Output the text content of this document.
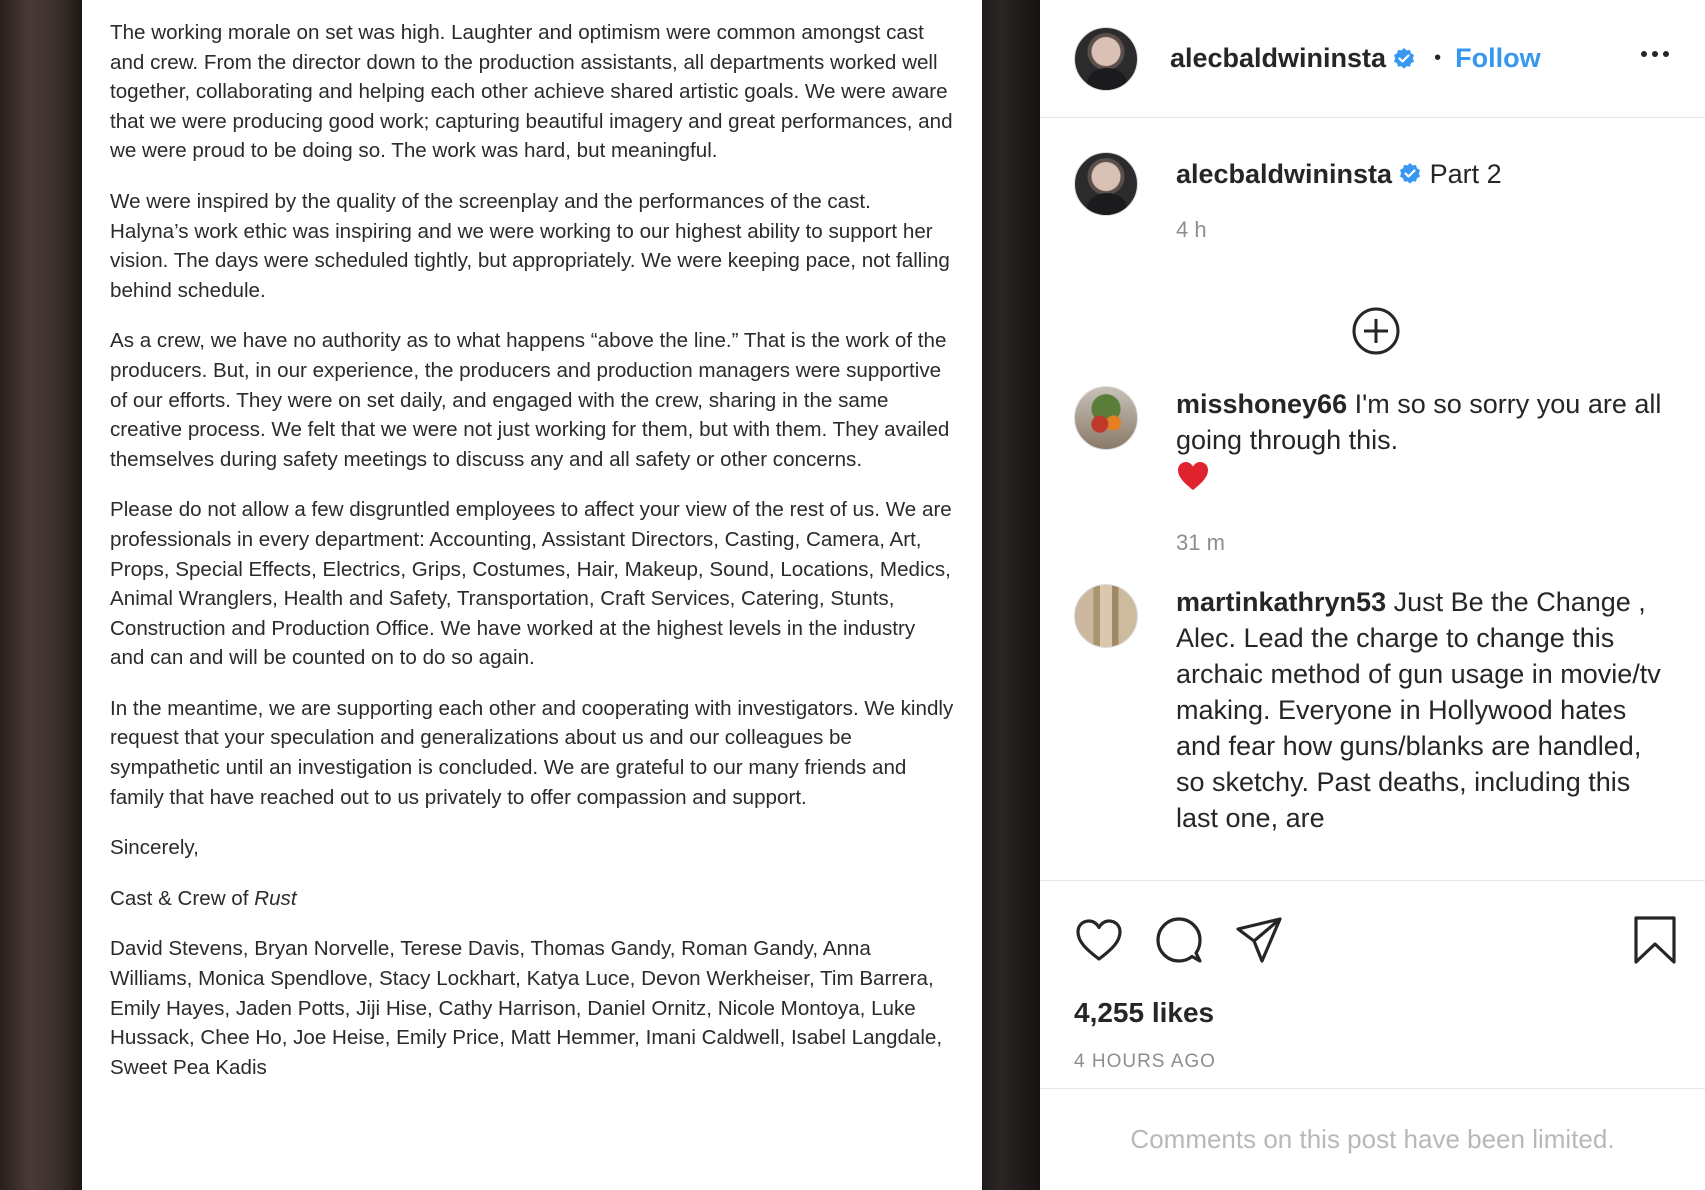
The working morale on set was high. Laughter and optimism were common amongst cast and crew. From the director down to the production assistants, all departments worked well together, collaborating and helping each other achieve shared artistic goals. We were aware that we were producing good work; capturing beautiful imagery and great performances, and we were proud to be doing so. The work was hard, but meaningful.

We were inspired by the quality of the screenplay and the performances of the cast. Halyna’s work ethic was inspiring and we were working to our highest ability to support her vision. The days were scheduled tightly, but appropriately. We were keeping pace, not falling behind schedule.

As a crew, we have no authority as to what happens “above the line.” That is the work of the producers. But, in our experience, the producers and production managers were supportive of our efforts. They were on set daily, and engaged with the crew, sharing in the same creative process. We felt that we were not just working for them, but with them. They availed themselves during safety meetings to discuss any and all safety or other concerns.

Please do not allow a few disgruntled employees to affect your view of the rest of us. We are professionals in every department: Accounting, Assistant Directors, Casting, Camera, Art, Props, Special Effects, Electrics, Grips, Costumes, Hair, Makeup, Sound, Locations, Medics, Animal Wranglers, Health and Safety, Transportation, Craft Services, Catering, Stunts, Construction and Production Office. We have worked at the highest levels in the industry and can and will be counted on to do so again.

In the meantime, we are supporting each other and cooperating with investigators. We kindly request that your speculation and generalizations about us and our colleagues be sympathetic until an investigation is concluded. We are grateful to our many friends and family that have reached out to us privately to offer compassion and support.

Sincerely,

Cast & Crew of Rust

David Stevens, Bryan Norvelle, Terese Davis, Thomas Gandy, Roman Gandy, Anna Williams, Monica Spendlove, Stacy Lockhart, Katya Luce, Devon Werkheiser, Tim Barrera, Emily Hayes, Jaden Potts, Jiji Hise, Cathy Harrison, Daniel Ornitz, Nicole Montoya, Luke Hussack, Chee Ho, Joe Heise, Emily Price, Matt Hemmer, Imani Caldwell, Isabel Langdale, Sweet Pea Kadis

alecbaldwininsta • Follow
alecbaldwininsta Part 2
4 h
misshoney66 I'm so so sorry you are all going through this.
31 m
martinkathryn53 Just Be the Change , Alec. Lead the charge to change this archaic method of gun usage in movie/tv making. Everyone in Hollywood hates and fear how guns/blanks are handled, so sketchy. Past deaths, including this last one, are
4,255 likes
4 HOURS AGO
Comments on this post have been limited.
